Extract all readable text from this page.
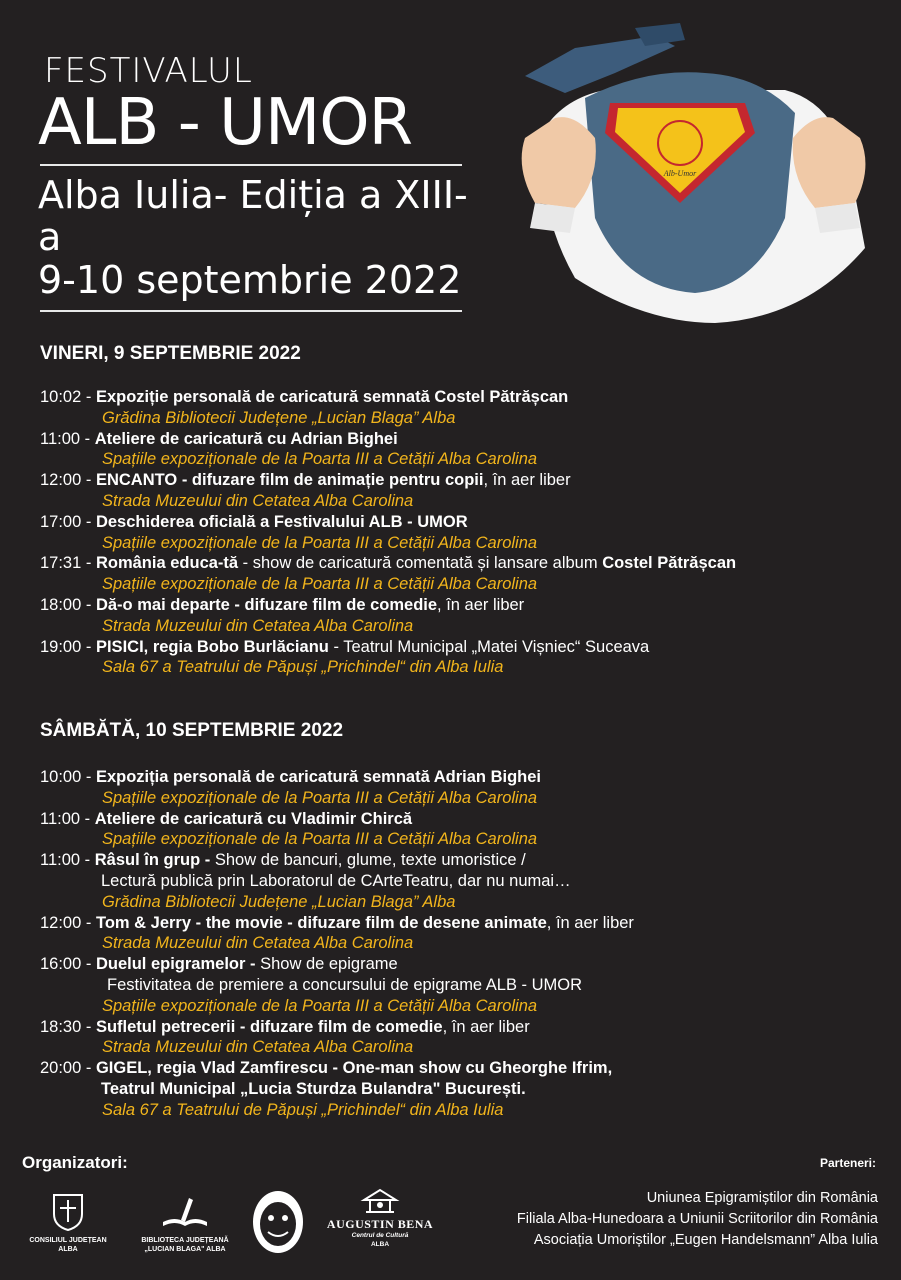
FESTIVALUL
ALB - UMOR
Alba Iulia- Ediția a XIII-a
9-10 septembrie 2022
Alb-Umor
VINERI, 9 SEPTEMBRIE 2022
10:02 - Expoziție personală de caricatură semnată Costel Pătrășcan
Grădina Bibliotecii Județene „Lucian Blaga” Alba
11:00 - Ateliere de caricatură cu Adrian Bighei
Spațiile expoziționale de la Poarta III a Cetății Alba Carolina
12:00 - ENCANTO - difuzare film de animație pentru copii, în aer liber
Strada Muzeului din Cetatea Alba Carolina
17:00 - Deschiderea oficială a Festivalului ALB - UMOR
Spațiile expoziționale de la Poarta III a Cetății Alba Carolina
17:31 - România educa-tă - show de caricatură comentată și lansare album Costel Pătrășcan
Spațiile expoziționale de la Poarta III a Cetății Alba Carolina
18:00 - Dă-o mai departe - difuzare film de comedie, în aer liber
Strada Muzeului din Cetatea Alba Carolina
19:00 - PISICI, regia Bobo Burlăcianu - Teatrul Municipal „Matei Vișniec“ Suceava
Sala 67 a Teatrului de Păpuși „Prichindel“ din Alba Iulia
SÂMBĂTĂ, 10 SEPTEMBRIE 2022
10:00 - Expoziția personală de caricatură semnată Adrian Bighei
Spațiile expoziționale de la Poarta III a Cetății Alba Carolina
11:00 - Ateliere de caricatură cu Vladimir Chircă
Spațiile expoziționale de la Poarta III a Cetății Alba Carolina
11:00 - Râsul în grup - Show de bancuri, glume, texte umoristice /
Lectură publică prin Laboratorul de CArteTeatru, dar nu numai…
Grădina Bibliotecii Județene „Lucian Blaga” Alba
12:00 - Tom & Jerry - the movie - difuzare film de desene animate, în aer liber
Strada Muzeului din Cetatea Alba Carolina
16:00 - Duelul epigramelor - Show de epigrame
Festivitatea de premiere a concursului de epigrame ALB - UMOR
Spațiile expoziționale de la Poarta III a Cetății Alba Carolina
18:30 - Sufletul petrecerii - difuzare film de comedie, în aer liber
Strada Muzeului din Cetatea Alba Carolina
20:00 - GIGEL, regia Vlad Zamfirescu - One-man show cu Gheorghe Ifrim,
Teatrul Municipal „Lucia Sturdza Bulandra" București.
Sala 67 a Teatrului de Păpuși „Prichindel“ din Alba Iulia
Organizatori:	Parteneri:
CONSILIUL JUDEȚEAN
ALBA
BIBLIOTECA JUDEȚEANĂ
„LUCIAN BLAGA" ALBA
AUGUSTIN BENA
Centrul de Cultură
ALBA
Uniunea Epigramiștilor din România
Filiala Alba-Hunedoara a Uniunii Scriitorilor din România
Asociația Umoriștilor „Eugen Handelsmann” Alba Iulia
